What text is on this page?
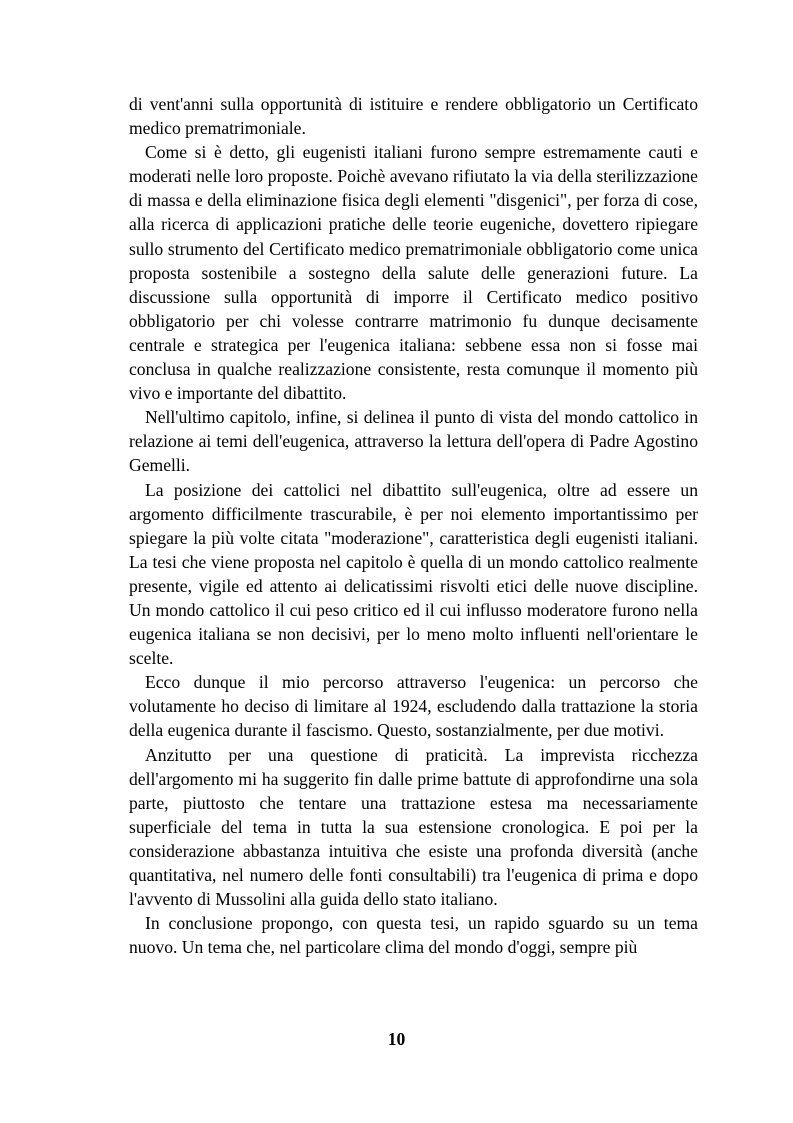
di vent'anni sulla opportunità di istituire e rendere obbligatorio un Certificato medico prematrimoniale.

Come si è detto, gli eugenisti italiani furono sempre estremamente cauti e moderati nelle loro proposte. Poichè avevano rifiutato la via della sterilizzazione di massa e della eliminazione fisica degli elementi "disgenici", per forza di cose, alla ricerca di applicazioni pratiche delle teorie eugeniche, dovettero ripiegare sullo strumento del Certificato medico prematrimoniale obbligatorio come unica proposta sostenibile a sostegno della salute delle generazioni future. La discussione sulla opportunità di imporre il Certificato medico positivo obbligatorio per chi volesse contrarre matrimonio fu dunque decisamente centrale e strategica per l'eugenica italiana: sebbene essa non si fosse mai conclusa in qualche realizzazione consistente, resta comunque il momento più vivo e importante del dibattito.

Nell'ultimo capitolo, infine, si delinea il punto di vista del mondo cattolico in relazione ai temi dell'eugenica, attraverso la lettura dell'opera di Padre Agostino Gemelli.

La posizione dei cattolici nel dibattito sull'eugenica, oltre ad essere un argomento difficilmente trascurabile, è per noi elemento importantissimo per spiegare la più volte citata "moderazione", caratteristica degli eugenisti italiani. La tesi che viene proposta nel capitolo è quella di un mondo cattolico realmente presente, vigile ed attento ai delicatissimi risvolti etici delle nuove discipline. Un mondo cattolico il cui peso critico ed il cui influsso moderatore furono nella eugenica italiana se non decisivi, per lo meno molto influenti nell'orientare le scelte.

Ecco dunque il mio percorso attraverso l'eugenica: un percorso che volutamente ho deciso di limitare al 1924, escludendo dalla trattazione la storia della eugenica durante il fascismo. Questo, sostanzialmente, per due motivi.

Anzitutto per una questione di praticità. La imprevista ricchezza dell'argomento mi ha suggerito fin dalle prime battute di approfondirne una sola parte, piuttosto che tentare una trattazione estesa ma necessariamente superficiale del tema in tutta la sua estensione cronologica. E poi per la considerazione abbastanza intuitiva che esiste una profonda diversità (anche quantitativa, nel numero delle fonti consultabili) tra l'eugenica di prima e dopo l'avvento di Mussolini alla guida dello stato italiano.

In conclusione propongo, con questa tesi, un rapido sguardo su un tema nuovo. Un tema che, nel particolare clima del mondo d'oggi, sempre più

10
